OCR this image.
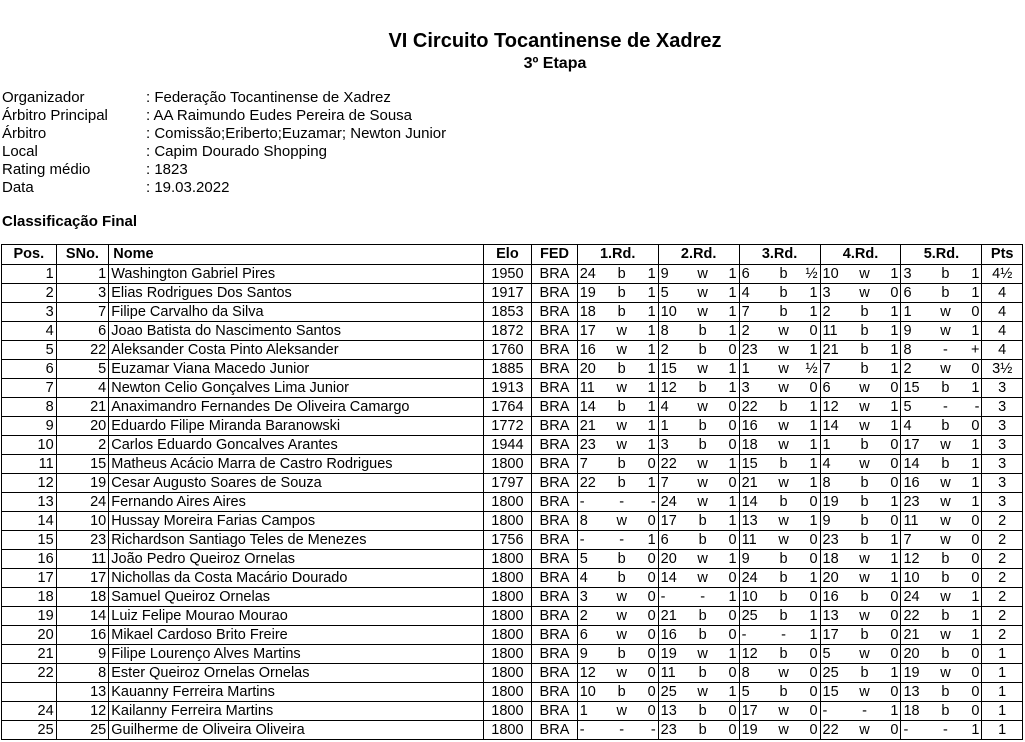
VI Circuito Tocantinense de Xadrez
3º Etapa
Organizador	: Federação Tocantinense de Xadrez
Árbitro Principal	: AA Raimundo Eudes Pereira de Sousa
Árbitro	: Comissão;Eriberto;Euzamar; Newton Junior
Local	: Capim Dourado Shopping
Rating médio	: 1823
Data	: 19.03.2022
Classificação Final
Pos.	SNo.	Nome	Elo	FED	1.Rd.	2.Rd.	3.Rd.	4.Rd.	5.Rd.	Pts
1	1	Washington Gabriel Pires	1950	BRA	24 b 1	9 w 1	6 b ½	10 w 1	3 b 1	4½
2	3	Elias Rodrigues Dos Santos	1917	BRA	19 b 1	5 w 1	4 b 1	3 w 0	6 b 1	4
3	7	Filipe Carvalho da Silva	1853	BRA	18 b 1	10 w 1	7 b 1	2 b 1	1 w 0	4
4	6	Joao Batista do Nascimento Santos	1872	BRA	17 w 1	8 b 1	2 w 0	11 b 1	9 w 1	4
5	22	Aleksander Costa Pinto Aleksander	1760	BRA	16 w 1	2 b 0	23 w 1	21 b 1	8 - +	4
6	5	Euzamar Viana Macedo Junior	1885	BRA	20 b 1	15 w 1	1 w ½	7 b 1	2 w 0	3½
7	4	Newton Celio Gonçalves Lima Junior	1913	BRA	11 w 1	12 b 1	3 w 0	6 w 0	15 b 1	3
8	21	Anaximandro Fernandes De Oliveira Camargo	1764	BRA	14 b 1	4 w 0	22 b 1	12 w 1	5 - -	3
9	20	Eduardo Filipe Miranda Baranowski	1772	BRA	21 w 1	1 b 0	16 w 1	14 w 1	4 b 0	3
10	2	Carlos Eduardo Goncalves Arantes	1944	BRA	23 w 1	3 b 0	18 w 1	1 b 0	17 w 1	3
11	15	Matheus Acácio Marra de Castro Rodrigues	1800	BRA	7 b 0	22 w 1	15 b 1	4 w 0	14 b 1	3
12	19	Cesar Augusto Soares de Souza	1797	BRA	22 b 1	7 w 0	21 w 1	8 b 0	16 w 1	3
13	24	Fernando Aires Aires	1800	BRA	- - -	24 w 1	14 b 0	19 b 1	23 w 1	3
14	10	Hussay Moreira Farias Campos	1800	BRA	8 w 0	17 b 1	13 w 1	9 b 0	11 w 0	2
15	23	Richardson Santiago Teles de Menezes	1756	BRA	- - 1	6 b 0	11 w 0	23 b 1	7 w 0	2
16	11	João Pedro Queiroz Ornelas	1800	BRA	5 b 0	20 w 1	9 b 0	18 w 1	12 b 0	2
17	17	Nichollas da Costa Macário Dourado	1800	BRA	4 b 0	14 w 0	24 b 1	20 w 1	10 b 0	2
18	18	Samuel Queiroz Ornelas	1800	BRA	3 w 0	- - 1	10 b 0	16 b 0	24 w 1	2
19	14	Luiz Felipe Mourao Mourao	1800	BRA	2 w 0	21 b 0	25 b 1	13 w 0	22 b 1	2
20	16	Mikael Cardoso Brito Freire	1800	BRA	6 w 0	16 b 0	- - 1	17 b 0	21 w 1	2
21	9	Filipe Lourenço Alves Martins	1800	BRA	9 b 0	19 w 1	12 b 0	5 w 0	20 b 0	1
22	8	Ester Queiroz Ornelas Ornelas	1800	BRA	12 w 0	11 b 0	8 w 0	25 b 1	19 w 0	1
	13	Kauanny Ferreira Martins	1800	BRA	10 b 0	25 w 1	5 b 0	15 w 0	13 b 0	1
24	12	Kailanny Ferreira Martins	1800	BRA	1 w 0	13 b 0	17 w 0	- - 1	18 b 0	1
25	25	Guilherme de Oliveira Oliveira	1800	BRA	- - -	23 b 0	19 w 0	22 w 0	- - 1	1
